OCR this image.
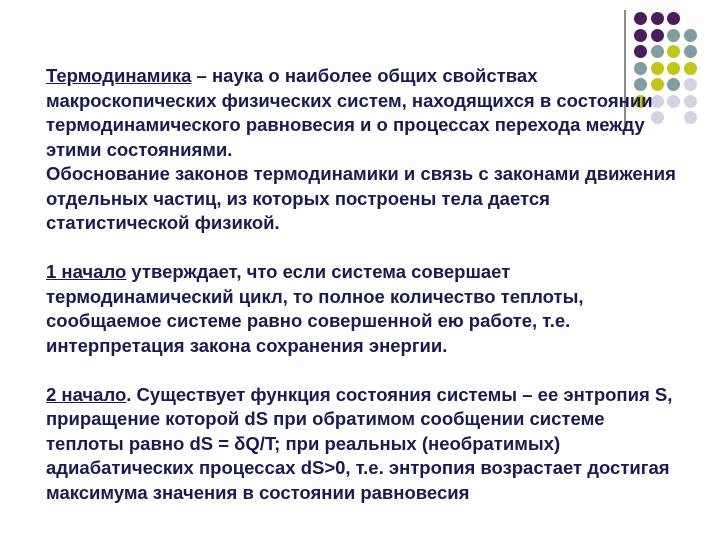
Термодинамика – наука о наиболее общих свойствах макроскопических физических систем, находящихся в состоянии термодинамического равновесия и о процессах перехода между этими состояниями.

Обоснование законов термодинамики и связь с законами движения отдельных частиц, из которых построены тела дается статистической физикой.

1 начало утверждает, что если система совершает термодинамический цикл, то полное количество теплоты, сообщаемое системе равно совершенной ею работе, т.е. интерпретация закона сохранения энергии.

2 начало. Существует функция состояния системы – ее энтропия S, приращение которой dS при обратимом сообщении системе теплоты равно dS = δQ/T; при реальных (необратимых) адиабатических процессах dS>0, т.е. энтропия возрастает достигая максимума значения в состоянии равновесия
